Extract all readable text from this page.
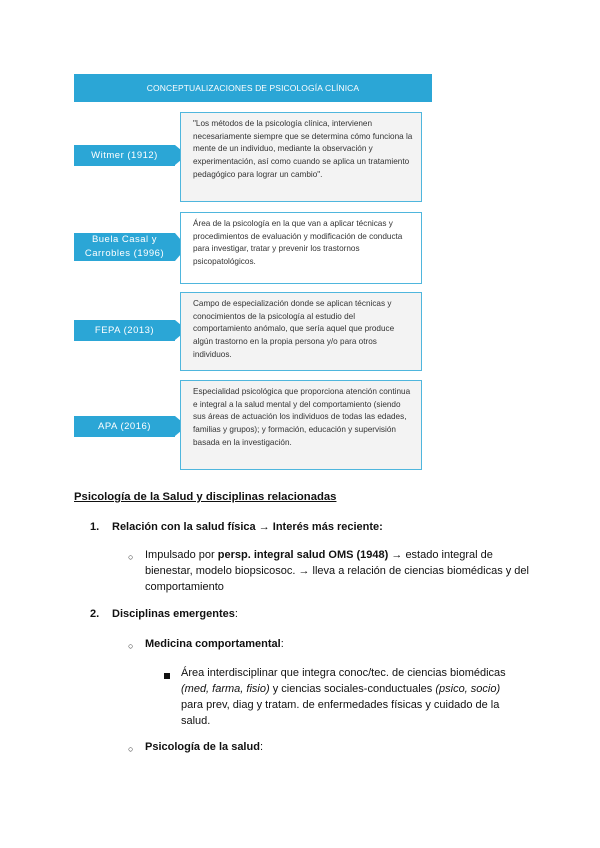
CONCEPTUALIZACIONES DE PSICOLOGÍA CLÍNICA
Witmer (1912)
"Los métodos de la psicología clínica, intervienen necesariamente siempre que se determina cómo funciona la mente de un individuo, mediante la observación y experimentación, así como cuando se aplica un tratamiento pedagógico para lograr un cambio".
Buela Casal y Carrobles (1996)
Área de la psicología en la que van a aplicar técnicas y procedimientos de evaluación y modificación de conducta para investigar, tratar y prevenir los trastornos psicopatológicos.
FEPA (2013)
Campo de especialización donde se aplican técnicas y conocimientos de la psicología al estudio del comportamiento anómalo, que sería aquel que produce algún trastorno en la propia persona y/o para otros individuos.
APA (2016)
Especialidad psicológica que proporciona atención continua e integral a la salud mental y del comportamiento (siendo sus áreas de actuación los individuos de todas las edades, familias y grupos); y formación, educación y supervisión basada en la investigación.
Psicología de la Salud y disciplinas relacionadas
1. Relación con la salud física → Interés más reciente:
○ Impulsado por persp. integral salud OMS (1948) → estado integral de bienestar, modelo biopsicosoc. → lleva a relación de ciencias biomédicas y del comportamiento
2. Disciplinas emergentes:
○ Medicina comportamental:
Área interdisciplinar que integra conoc/tec. de ciencias biomédicas (med, farma, fisio) y ciencias sociales-conductuales (psico, socio) para prev, diag y tratam. de enfermedades físicas y cuidado de la salud.
○ Psicología de la salud:
